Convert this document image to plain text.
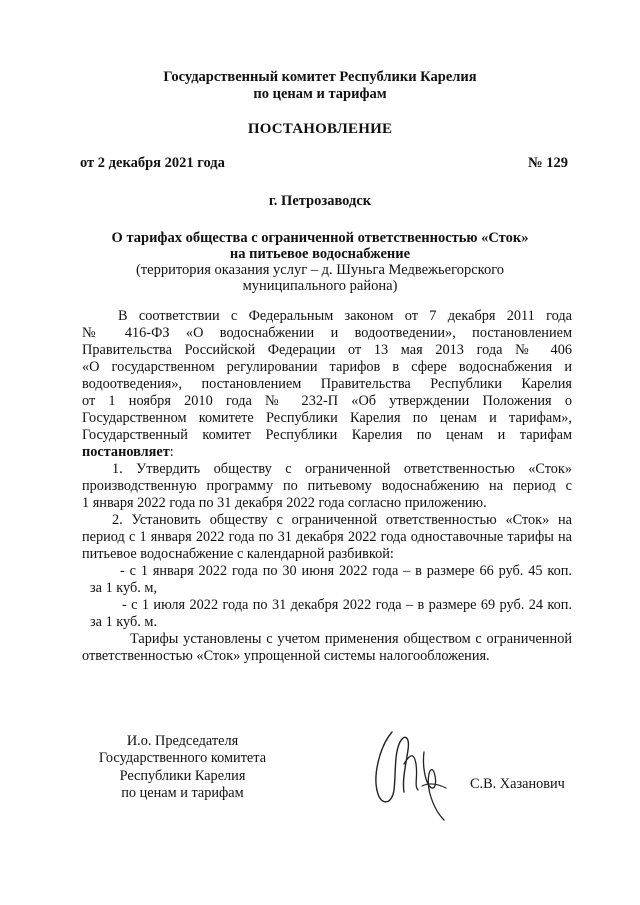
Государственный комитет Республики Карелия
по ценам и тарифам
ПОСТАНОВЛЕНИЕ
от 2 декабря 2021 года	№ 129
г. Петрозаводск
О тарифах общества с ограниченной ответственностью «Сток»
на питьевое водоснабжение
(территория оказания услуг – д. Шуньга Медвежьегорского
муниципального района)
В соответствии с Федеральным законом от 7 декабря 2011 года
№ 416-ФЗ «О водоснабжении и водоотведении», постановлением
Правительства Российской Федерации от 13 мая 2013 года № 406
«О государственном регулировании тарифов в сфере водоснабжения и
водоотведения», постановлением Правительства Республики Карелия
от 1 ноября 2010 года № 232-П «Об утверждении Положения о
Государственном комитете Республики Карелия по ценам и тарифам»,
Государственный комитет Республики Карелия по ценам и тарифам
постановляет:
1. Утвердить обществу с ограниченной ответственностью «Сток»
производственную программу по питьевому водоснабжению на период с
1 января 2022 года по 31 декабря 2022 года согласно приложению.
2. Установить обществу с ограниченной ответственностью «Сток» на
период с 1 января 2022 года по 31 декабря 2022 года одноставочные тарифы на
питьевое водоснабжение с календарной разбивкой:
- с 1 января 2022 года по 30 июня 2022 года – в размере 66 руб. 45 коп.
за 1 куб. м,
- с 1 июля 2022 года по 31 декабря 2022 года – в размере 69 руб. 24 коп.
за 1 куб. м.
Тарифы установлены с учетом применения обществом с ограниченной
ответственностью «Сток» упрощенной системы налогообложения.
И.о. Председателя
Государственного комитета
Республики Карелия
по ценам и тарифам
С.В. Хазанович
